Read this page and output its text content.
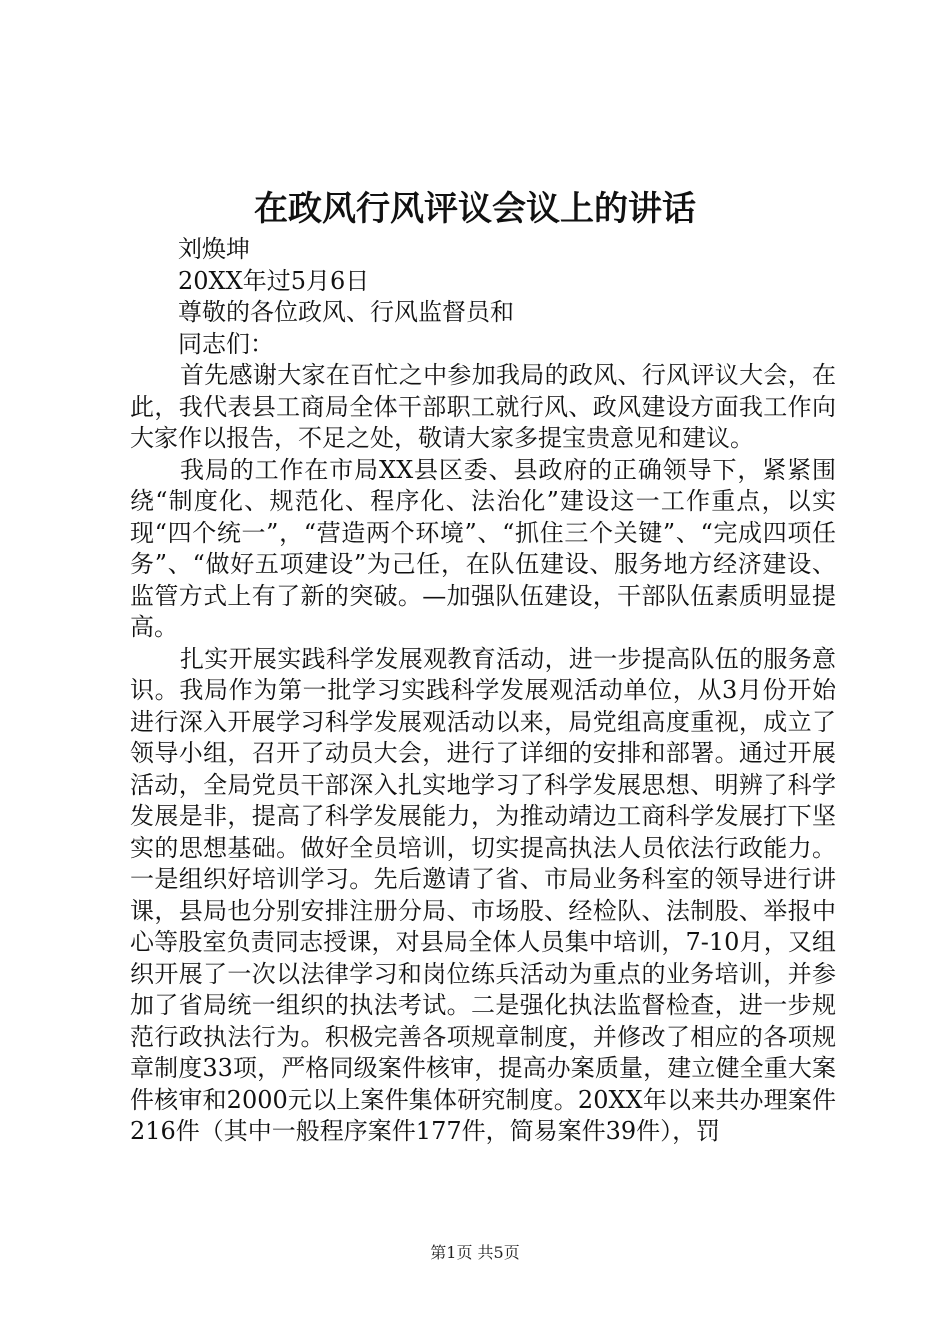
在政风行风评议会议上的讲话
刘焕坤
20XX年过5月6日
尊敬的各位政风、行风监督员和
同志们：

首先感谢大家在百忙之中参加我局的政风、行风评议大会，在此，我代表县工商局全体干部职工就行风、政风建设方面我工作向大家作以报告，不足之处，敬请大家多提宝贵意见和建议。

我局的工作在市局XX县区委、县政府的正确领导下，紧紧围绕“制度化、规范化、程序化、法治化”建设这一工作重点，以实现“四个统一”，“营造两个环境”、“抓住三个关键”、“完成四项任务”、“做好五项建设”为己任，在队伍建设、服务地方经济建设、监管方式上有了新的突破。—加强队伍建设，干部队伍素质明显提高。

扎实开展实践科学发展观教育活动，进一步提高队伍的服务意识。我局作为第一批学习实践科学发展观活动单位，从3月份开始进行深入开展学习科学发展观活动以来，局党组高度重视，成立了领导小组，召开了动员大会，进行了详细的安排和部署。通过开展活动，全局党员干部深入扎实地学习了科学发展思想、明辨了科学发展是非，提高了科学发展能力，为推动靖边工商科学发展打下坚实的思想基础。做好全员培训，切实提高执法人员依法行政能力。一是组织好培训学习。先后邀请了省、市局业务科室的领导进行讲课，县局也分别安排注册分局、市场股、经检队、法制股、举报中心等股室负责同志授课，对县局全体人员集中培训，7-10月，又组织开展了一次以法律学习和岗位练兵活动为重点的业务培训，并参加了省局统一组织的执法考试。二是强化执法监督检查，进一步规范行政执法行为。积极完善各项规章制度，并修改了相应的各项规章制度33项，严格同级案件核审，提高办案质量，建立健全重大案件核审和2000元以上案件集体研究制度。20XX年以来共办理案件216件（其中一般程序案件177件，简易案件39件），罚

第1页 共5页
